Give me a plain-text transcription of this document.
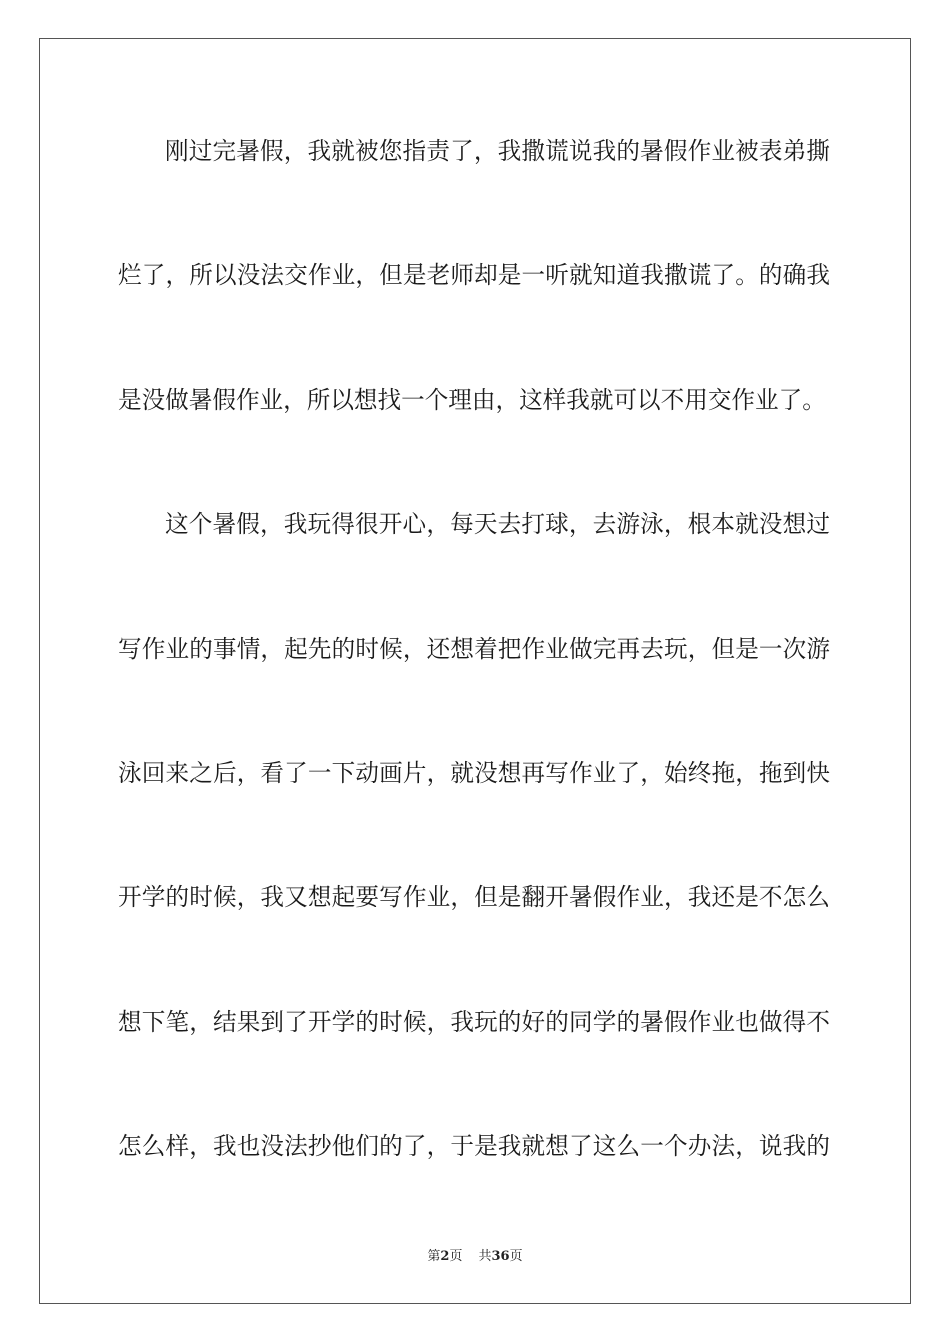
刚过完暑假，我就被您指责了，我撒谎说我的暑假作业被表弟撕
烂了，所以没法交作业，但是老师却是一听就知道我撒谎了。的确我
是没做暑假作业，所以想找一个理由，这样我就可以不用交作业了。
这个暑假，我玩得很开心，每天去打球，去游泳，根本就没想过
写作业的事情，起先的时候，还想着把作业做完再去玩，但是一次游
泳回来之后，看了一下动画片，就没想再写作业了，始终拖，拖到快
开学的时候，我又想起要写作业，但是翻开暑假作业，我还是不怎么
想下笔，结果到了开学的时候，我玩的好的同学的暑假作业也做得不
怎么样，我也没法抄他们的了，于是我就想了这么一个办法，说我的
第2页 共36页
